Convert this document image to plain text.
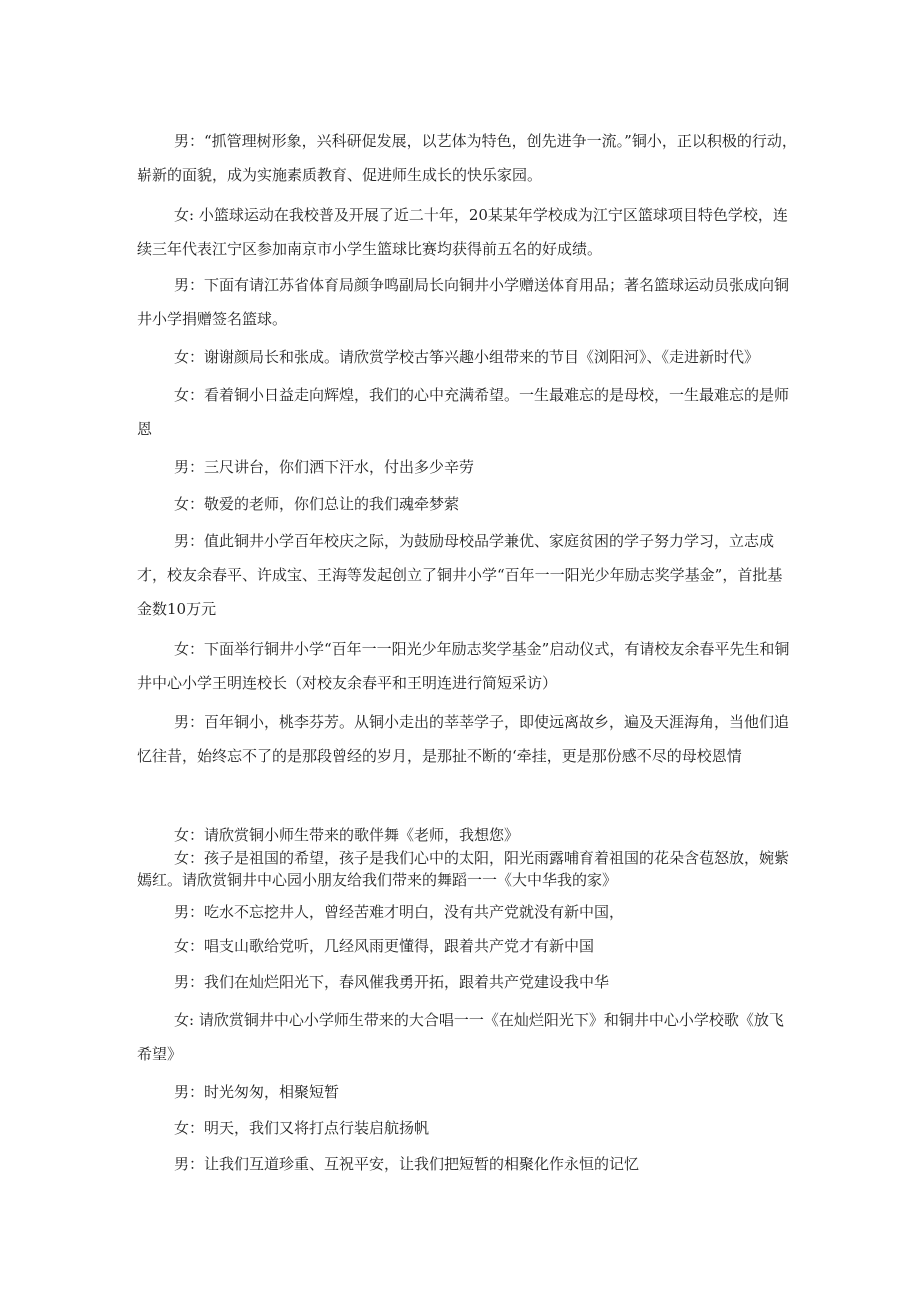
男：“抓管理树形象，兴科研促发展，以艺体为特色，创先进争一流。”铜小，正以积极的行动，崭新的面貌，成为实施素质教育、促进师生成长的快乐家园。

女: 小篮球运动在我校普及开展了近二十年，20某某年学校成为江宁区篮球项目特色学校，连续三年代表江宁区参加南京市小学生篮球比赛均获得前五名的好成绩。

男：下面有请江苏省体育局颜争鸣副局长向铜井小学赠送体育用品；著名篮球运动员张成向铜井小学捐赠签名篮球。

女：谢谢颜局长和张成。请欣赏学校古筝兴趣小组带来的节目《浏阳河》、《走进新时代》

女：看着铜小日益走向辉煌，我们的心中充满希望。一生最难忘的是母校，一生最难忘的是师恩

男：三尺讲台，你们洒下汗水，付出多少辛劳

女：敬爱的老师，你们总让的我们魂牵梦萦

男：值此铜井小学百年校庆之际，为鼓励母校品学兼优、家庭贫困的学子努力学习，立志成才，校友余春平、许成宝、王海等发起创立了铜井小学“百年一一阳光少年励志奖学基金”，首批基金数10万元

女：下面举行铜井小学“百年一一阳光少年励志奖学基金”启动仪式，有请校友余春平先生和铜井中心小学王明连校长（对校友余春平和王明连进行简短采访）

男：百年铜小，桃李芬芳。从铜小走出的莘莘学子，即使远离故乡，遍及天涯海角，当他们追忆往昔，始终忘不了的是那段曾经的岁月，是那扯不断的‘牵挂，更是那份感不尽的母校恩情

女：请欣赏铜小师生带来的歌伴舞《老师，我想您》

女：孩子是祖国的希望，孩子是我们心中的太阳，阳光雨露哺育着祖国的花朵含苞怒放，婉紫嫣红。请欣赏铜井中心园小朋友给我们带来的舞蹈一一《大中华我的家》

男：吃水不忘挖井人，曾经苦难才明白，没有共产党就没有新中国，

女：唱支山歌给党听，几经风雨更懂得，跟着共产党才有新中国

男：我们在灿烂阳光下，春风催我勇开拓，跟着共产党建设我中华

女: 请欣赏铜井中心小学师生带来的大合唱一一《在灿烂阳光下》和铜井中心小学校歌《放飞希望》

男：时光匆匆，相聚短暂

女：明天，我们又将打点行装启航扬帆

男：让我们互道珍重、互祝平安，让我们把短暂的相聚化作永恒的记忆
